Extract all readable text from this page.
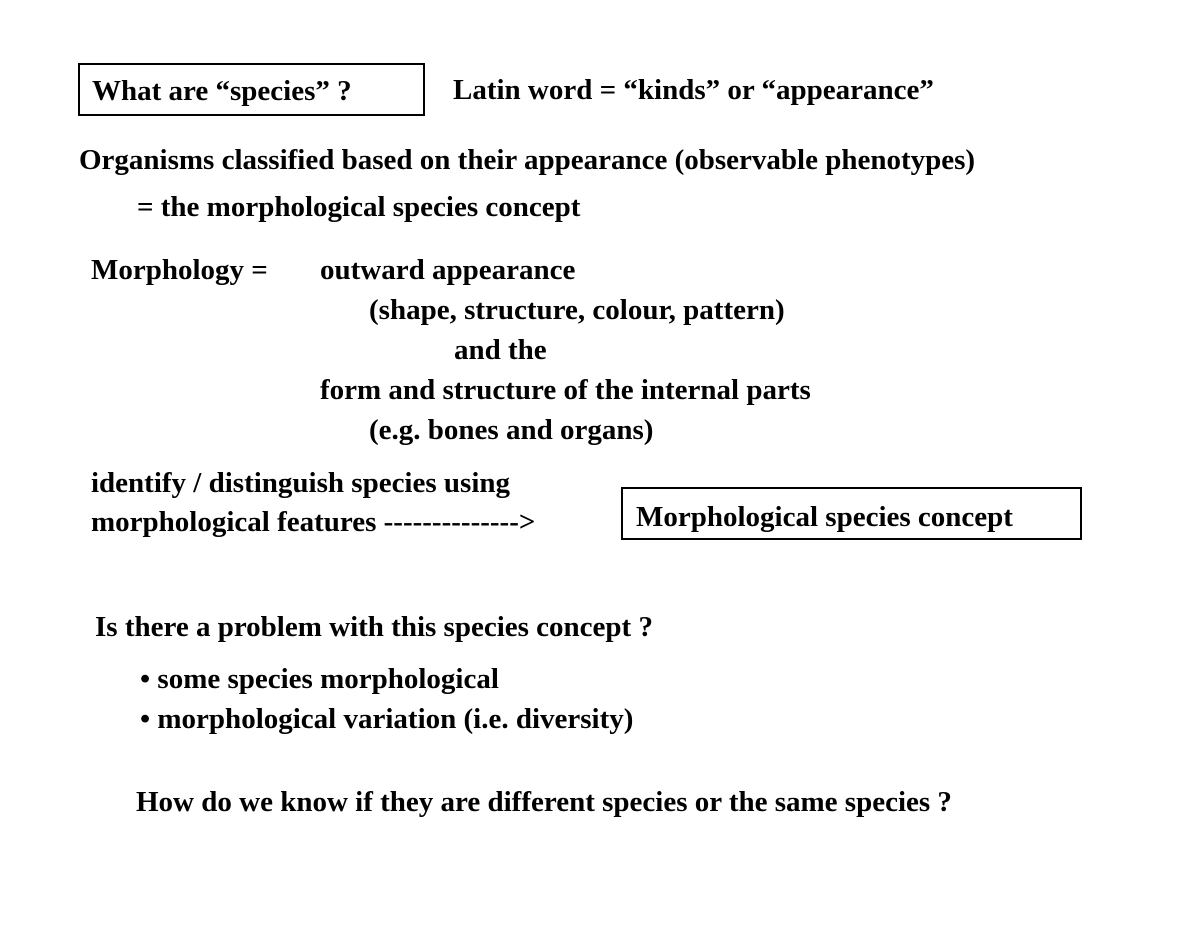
What are “species” ?	Latin word = “kinds” or “appearance”
Organisms classified based on their appearance (observable phenotypes)
= the morphological species concept
Morphology = outward appearance
(shape, structure, colour, pattern)
and the
form and structure of the internal parts
(e.g. bones and organs)
identify / distinguish species using
morphological features -------------->	Morphological species concept
Is there a problem with this species concept ?
• some species morphological
• morphological variation (i.e. diversity)
How do we know if they are different species or the same species ?
